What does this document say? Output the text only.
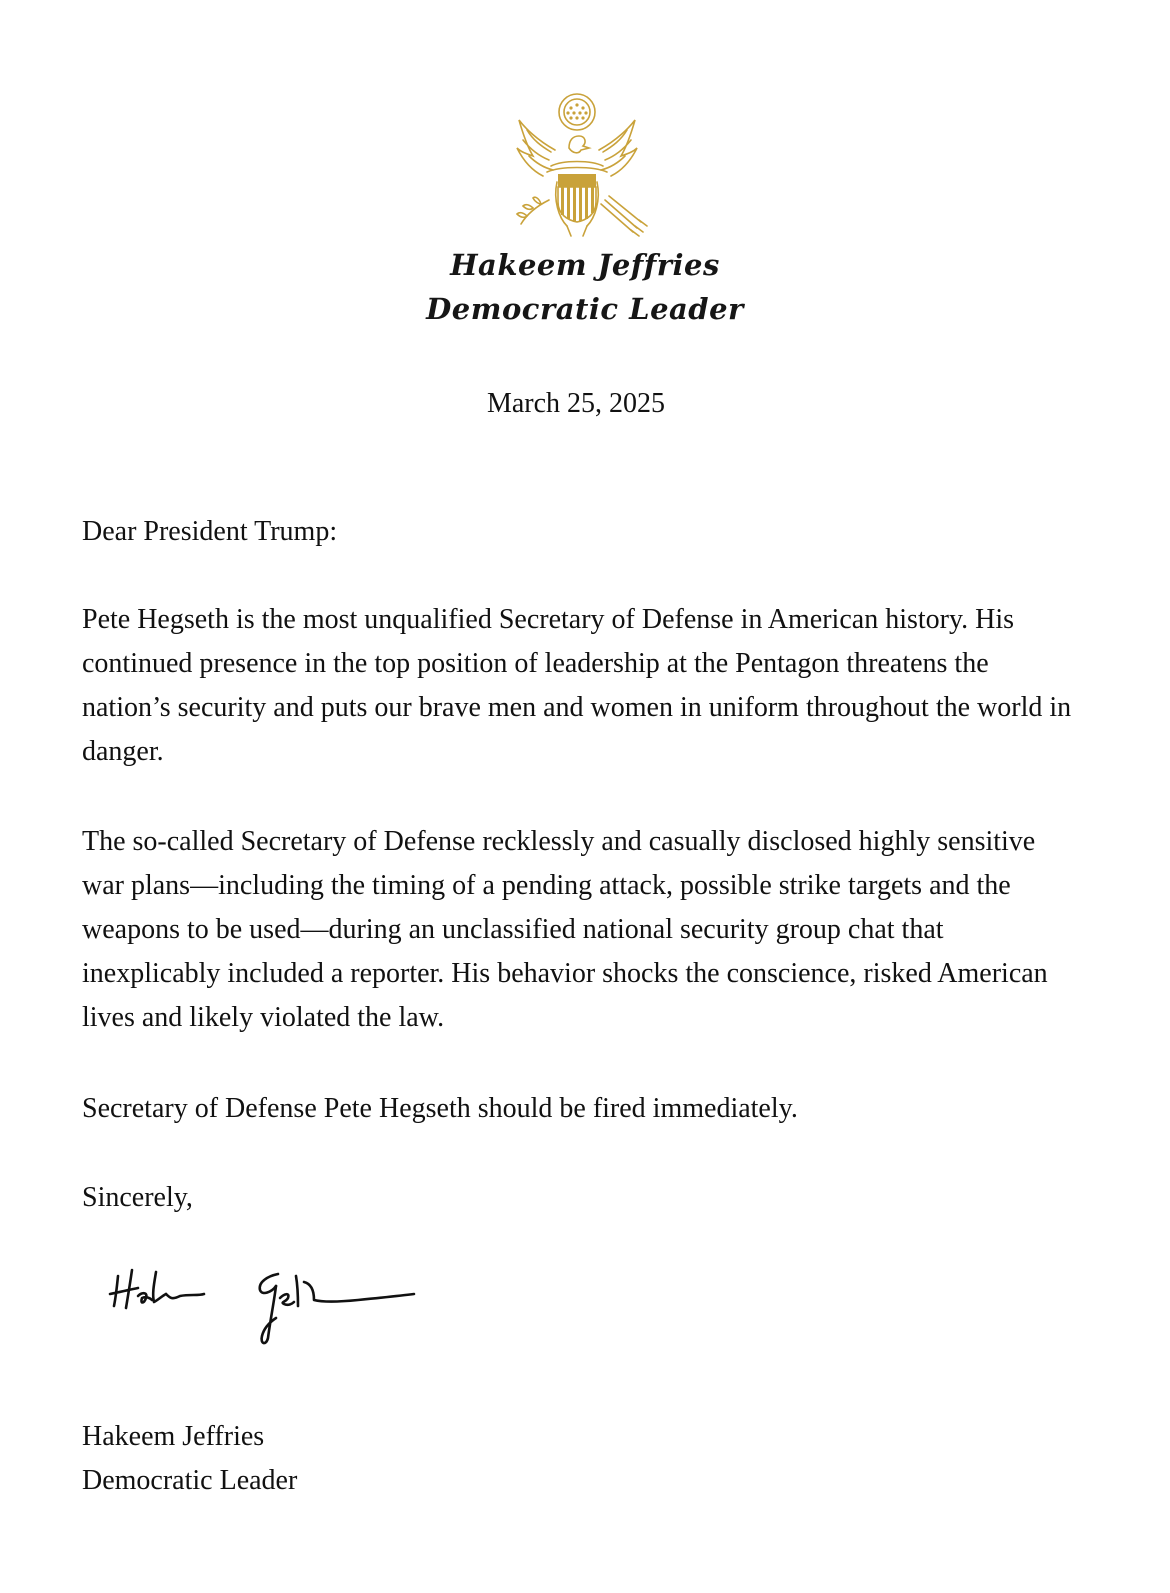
Hakeem Jeffries
Democratic Leader
March 25, 2025

Dear President Trump:

Pete Hegseth is the most unqualified Secretary of Defense in American history. His continued presence in the top position of leadership at the Pentagon threatens the nation’s security and puts our brave men and women in uniform throughout the world in danger.

The so-called Secretary of Defense recklessly and casually disclosed highly sensitive war plans—including the timing of a pending attack, possible strike targets and the weapons to be used—during an unclassified national security group chat that inexplicably included a reporter. His behavior shocks the conscience, risked American lives and likely violated the law.

Secretary of Defense Pete Hegseth should be fired immediately.

Sincerely,

Hakeem Jeffries

Democratic Leader
